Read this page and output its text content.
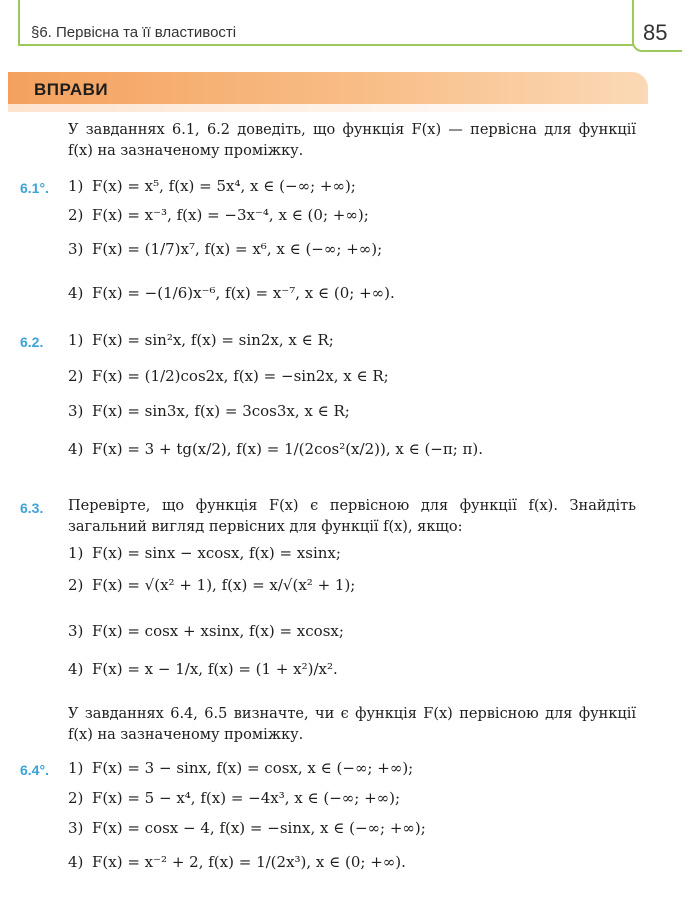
§6. Первісна та її властивості	85
ВПРАВИ
У завданнях 6.1, 6.2 доведіть, що функція F(x) — первісна для функції f(x) на зазначеному проміжку.
6.1°. 1) F(x) = x⁵, f(x) = 5x⁴, x ∈ (−∞; +∞);
2) F(x) = x⁻³, f(x) = −3x⁻⁴, x ∈ (0; +∞);
3) F(x) = (1/7)x⁷, f(x) = x⁶, x ∈ (−∞; +∞);
4) F(x) = −(1/6)x⁻⁶, f(x) = x⁻⁷, x ∈ (0; +∞).
6.2. 1) F(x) = sin²x, f(x) = sin2x, x ∈ R;
2) F(x) = (1/2)cos2x, f(x) = −sin2x, x ∈ R;
3) F(x) = sin3x, f(x) = 3cos3x, x ∈ R;
4) F(x) = 3 + tg(x/2), f(x) = 1/(2cos²(x/2)), x ∈ (−π; π).
6.3. Перевірте, що функція F(x) є первісною для функції f(x). Знайдіть загальний вигляд первісних для функції f(x), якщо:
1) F(x) = sinx − xcosx, f(x) = xsinx;
2) F(x) = √(x² + 1), f(x) = x/√(x² + 1);
3) F(x) = cosx + xsinx, f(x) = xcosx;
4) F(x) = x − 1/x, f(x) = (1 + x²)/x².
У завданнях 6.4, 6.5 визначте, чи є функція F(x) первісною для функції f(x) на зазначеному проміжку.
6.4°. 1) F(x) = 3 − sinx, f(x) = cosx, x ∈ (−∞; +∞);
2) F(x) = 5 − x⁴, f(x) = −4x³, x ∈ (−∞; +∞);
3) F(x) = cosx − 4, f(x) = −sinx, x ∈ (−∞; +∞);
4) F(x) = x⁻² + 2, f(x) = 1/(2x³), x ∈ (0; +∞).
